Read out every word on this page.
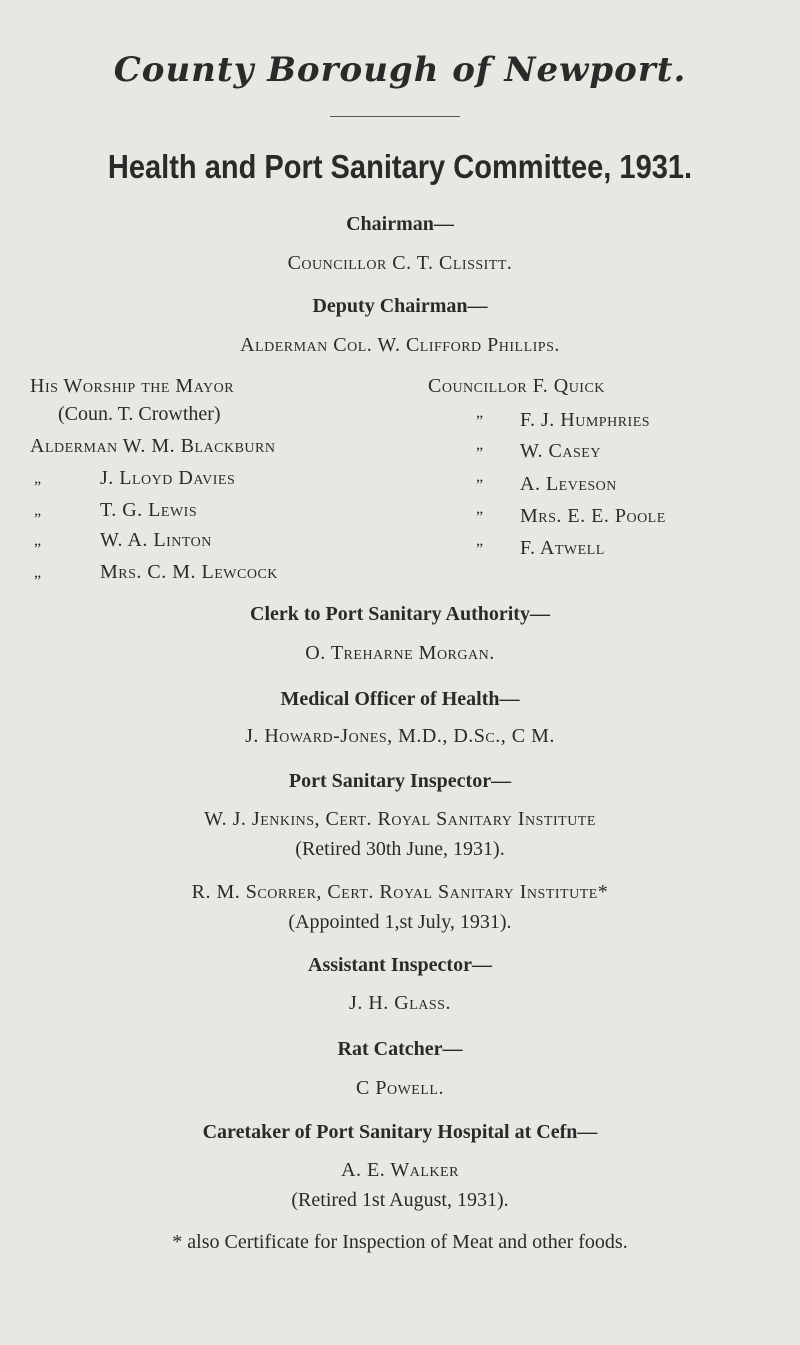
County Borough of Newport.
Health and Port Sanitary Committee, 1931.
Chairman—
Councillor C. T. Clissitt.
Deputy Chairman—
Alderman Col. W. Clifford Phillips.
His Worship the Mayor
(Coun. T. Crowther)
Alderman W. M. Blackburn
„	J. Lloyd Davies
„	T. G. Lewis
„	W. A. Linton
„	Mrs. C. M. Lewcock
Councillor F. Quick
„ F. J. Humphries
„ W. Casey
„ A. Leveson
„ Mrs. E. E. Poole
„ F. Atwell
Clerk to Port Sanitary Authority—
O. Treharne Morgan.
Medical Officer of Health—
J. Howard-Jones, M.D., D.Sc., C M.
Port Sanitary Inspector—
W. J. Jenkins, Cert. Royal Sanitary Institute
(Retired 30th June, 1931).
R. M. Scorrer, Cert. Royal Sanitary Institute*
(Appointed 1,st July, 1931).
Assistant Inspector—
J. H. Glass.
Rat Catcher—
C Powell.
Caretaker of Port Sanitary Hospital at Cefn—
A. E. Walker
(Retired 1st August, 1931).
* also Certificate for Inspection of Meat and other foods.
